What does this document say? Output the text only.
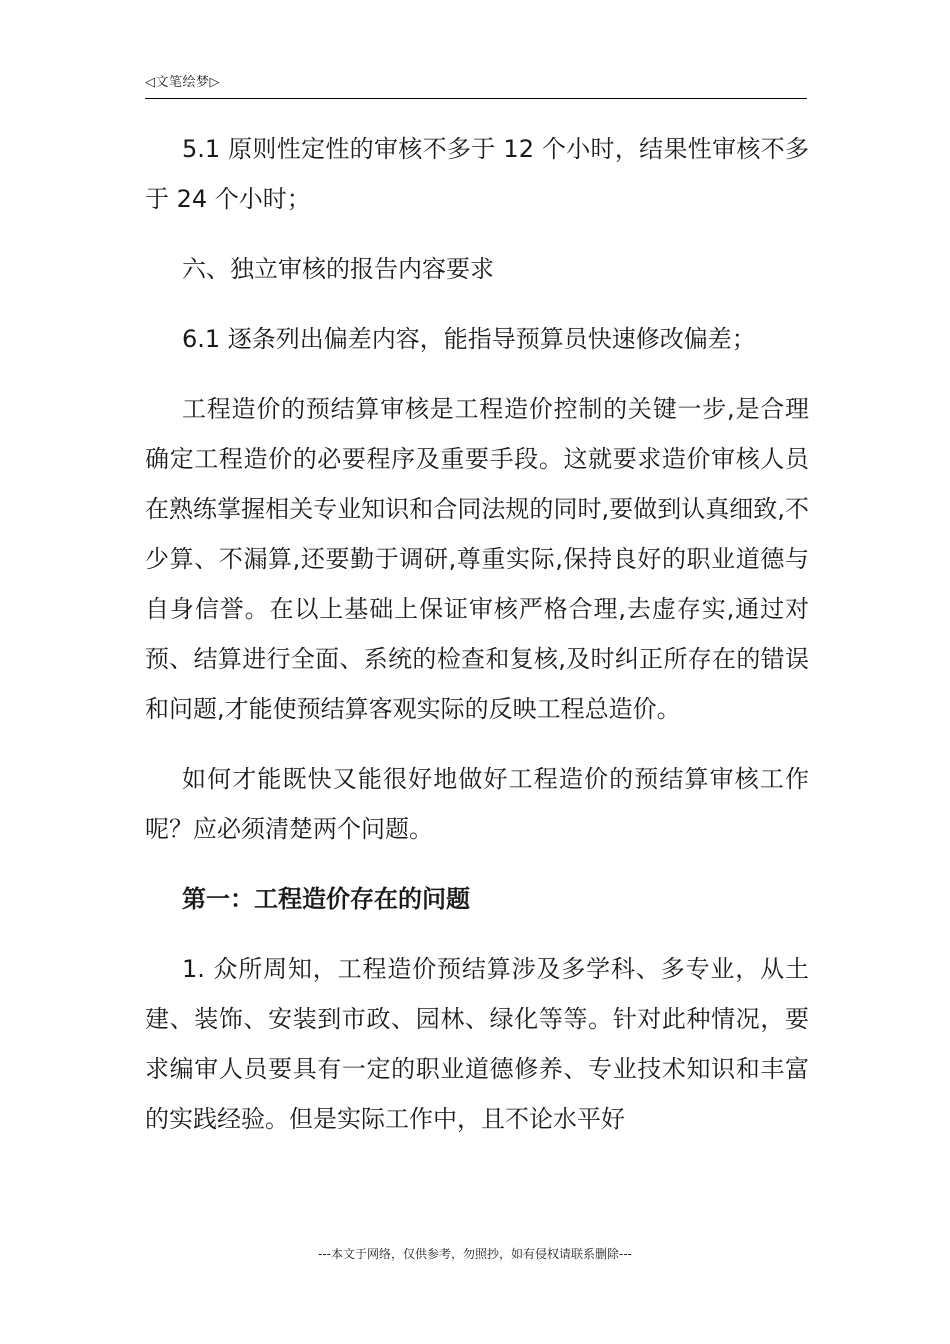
◁文笔绘梦▷

5.1 原则性定性的审核不多于 12 个小时，结果性审核不多于 24 个小时；

六、独立审核的报告内容要求

6.1 逐条列出偏差内容，能指导预算员快速修改偏差；

工程造价的预结算审核是工程造价控制的关键一步,是合理确定工程造价的必要程序及重要手段。这就要求造价审核人员在熟练掌握相关专业知识和合同法规的同时,要做到认真细致,不少算、不漏算,还要勤于调研,尊重实际,保持良好的职业道德与自身信誉。在以上基础上保证审核严格合理,去虚存实,通过对预、结算进行全面、系统的检查和复核,及时纠正所存在的错误和问题,才能使预结算客观实际的反映工程总造价。

如何才能既快又能很好地做好工程造价的预结算审核工作呢？应必须清楚两个问题。

第一：工程造价存在的问题

1. 众所周知，工程造价预结算涉及多学科、多专业，从土建、装饰、安装到市政、园林、绿化等等。针对此种情况，要求编审人员要具有一定的职业道德修养、专业技术知识和丰富的实践经验。但是实际工作中，且不论水平好

---本文于网络，仅供参考，勿照抄，如有侵权请联系删除---
